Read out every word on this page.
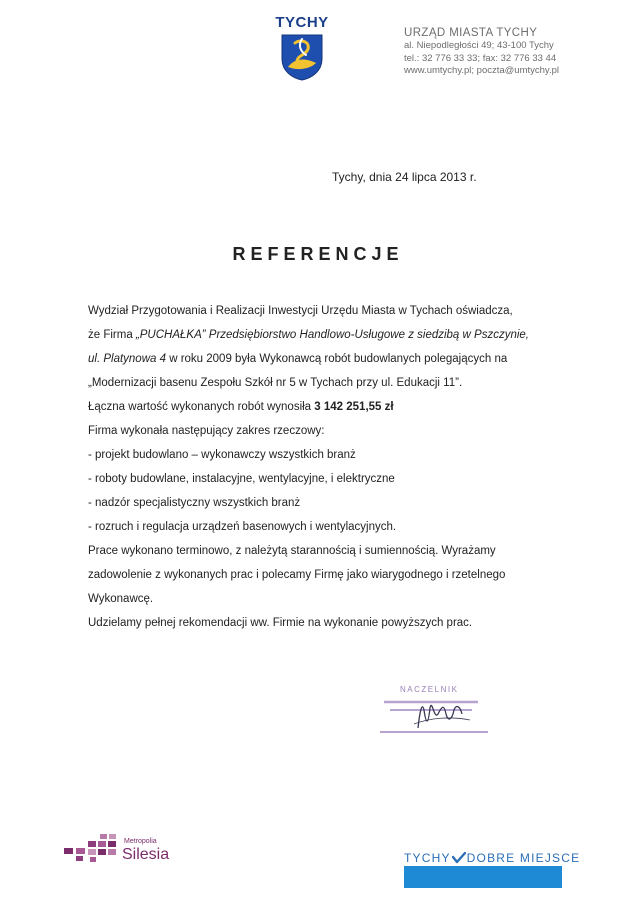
TYCHY
URZĄD MIASTA TYCHY
al. Niepodległości 49; 43-100 Tychy
tel.: 32 776 33 33; fax: 32 776 33 44
www.umtychy.pl; poczta@umtychy.pl
Tychy, dnia 24 lipca 2013 r.
REFERENCJE
Wydział Przygotowania i Realizacji Inwestycji Urzędu Miasta w Tychach oświadcza,
że Firma „PUCHAŁKA” Przedsiębiorstwo Handlowo-Usługowe z siedzibą w Pszczynie,
ul. Platynowa 4 w roku 2009 była Wykonawcą robót budowlanych polegających na
„Modernizacji basenu Zespołu Szkół nr 5 w Tychach przy ul. Edukacji 11”.
Łączna wartość wykonanych robót wynosiła 3 142 251,55 zł
Firma wykonała następujący zakres rzeczowy:
- projekt budowlano – wykonawczy wszystkich branż
- roboty budowlane, instalacyjne, wentylacyjne, i elektryczne
- nadzór specjalistyczny wszystkich branż
- rozruch i regulacja urządzeń basenowych i wentylacyjnych.
Prace wykonano terminowo, z należytą starannością i sumiennością. Wyrażamy
zadowolenie z wykonanych prac i polecamy Firmę jako wiarygodnego i rzetelnego
Wykonawcę.
Udzielamy pełnej rekomendacji ww. Firmie na wykonanie powyższych prac.
NACZELNIK
Metropolia
Silesia	TYCHY DOBRE MIEJSCE
